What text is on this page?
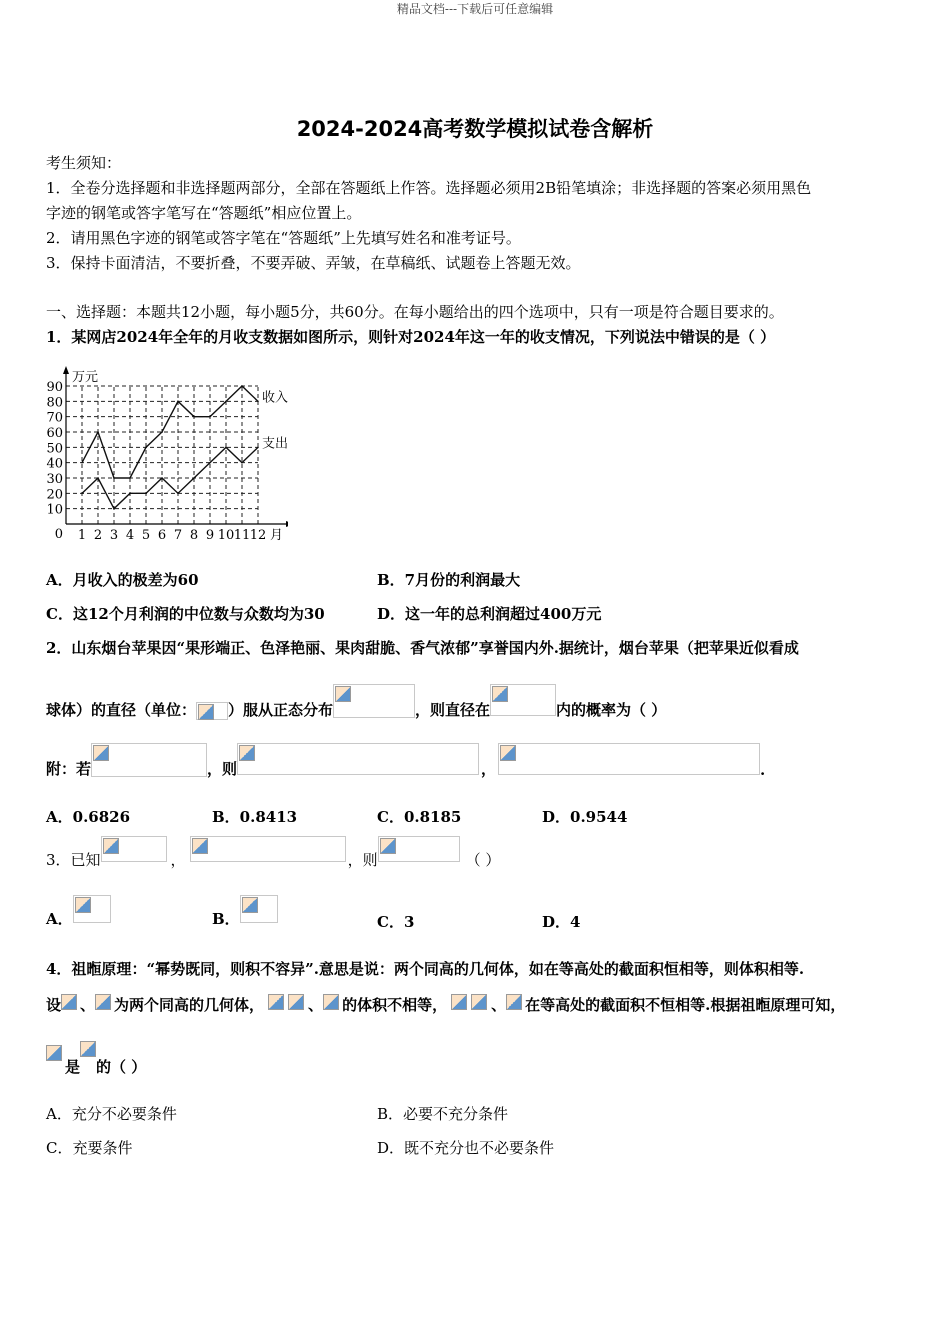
精品文档---下载后可任意编辑
2024-2024高考数学模拟试卷含解析
考生须知：
1．全卷分选择题和非选择题两部分，全部在答题纸上作答。选择题必须用2B铅笔填涂；非选择题的答案必须用黑色
字迹的钢笔或答字笔写在“答题纸”相应位置上。
2．请用黑色字迹的钢笔或答字笔在“答题纸”上先填写姓名和准考证号。
3．保持卡面清洁，不要折叠，不要弄破、弄皱，在草稿纸、试题卷上答题无效。
一、选择题：本题共12小题，每小题5分，共60分。在每小题给出的四个选项中，只有一项是符合题目要求的。
1．某网店2024年全年的月收支数据如图所示，则针对2024年这一年的收支情况，下列说法中错误的是（ ）
0
10
20
30
40
50
60
70
80
90
1 2 3 4 5 6 7 8 9 10 11 12
万元
月
收入
支出
A．月收入的极差为60	B．7月份的利润最大
C．这12个月利润的中位数与众数均为30	D．这一年的总利润超过400万元
2．山东烟台苹果因“果形端正、色泽艳丽、果肉甜脆、香气浓郁”享誉国内外.据统计，烟台苹果（把苹果近似看成
球体）的直径（单位： ）服从正态分布	，则直径在	内的概率为（ ）
附：若	，则	，	.
A．0.6826	B．0.8413	C．0.8185	D．0.9544
3．已知	，	，则	（ ）
A．	B．	C．3	D．4
4．祖暅原理：“幂势既同，则积不容异”.意思是说：两个同高的几何体，如在等高处的截面积恒相等，则体积相等.
设 、 为两个同高的几何体，	、 的体积不相等，	、 在等高处的截面积不恒相等.根据祖暅原理可知，
是 的（ ）
A．充分不必要条件	B．必要不充分条件
C．充要条件	D．既不充分也不必要条件
